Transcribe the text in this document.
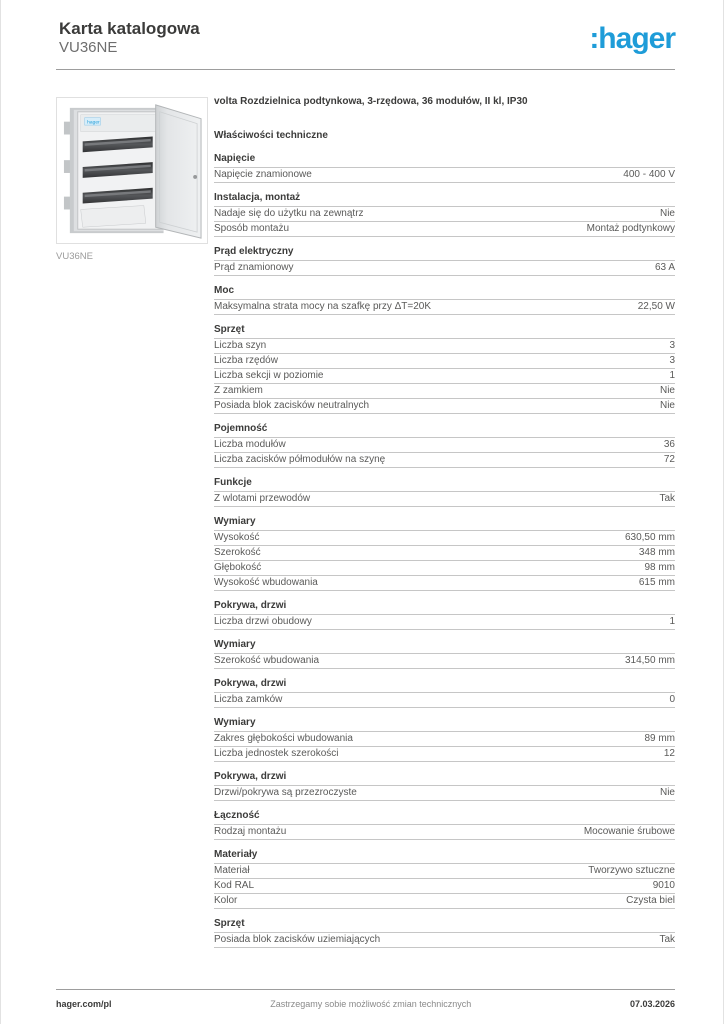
Karta katalogowa
VU36NE	:hager
hager
VU36NE

volta Rozdzielnica podtynkowa, 3-rzędowa, 36 modułów, II kl, IP30

Właściwości techniczne

Napięcie
Napięcie znamionowe	400 - 400 V
Instalacja, montaż
Nadaje się do użytku na zewnątrz	Nie
Sposób montażu	Montaż podtynkowy
Prąd elektryczny
Prąd znamionowy	63 A
Moc
Maksymalna strata mocy na szafkę przy ΔT=20K	22,50 W
Sprzęt
Liczba szyn	3
Liczba rzędów	3
Liczba sekcji w poziomie	1
Z zamkiem	Nie
Posiada blok zacisków neutralnych	Nie
Pojemność
Liczba modułów	36
Liczba zacisków półmodułów na szynę	72
Funkcje
Z wlotami przewodów	Tak
Wymiary
Wysokość	630,50 mm
Szerokość	348 mm
Głębokość	98 mm
Wysokość wbudowania	615 mm
Pokrywa, drzwi
Liczba drzwi obudowy	1
Wymiary
Szerokość wbudowania	314,50 mm
Pokrywa, drzwi
Liczba zamków	0
Wymiary
Zakres głębokości wbudowania	89 mm
Liczba jednostek szerokości	12
Pokrywa, drzwi
Drzwi/pokrywa są przezroczyste	Nie
Łączność
Rodzaj montażu	Mocowanie śrubowe
Materiały
Materiał	Tworzywo sztuczne
Kod RAL	9010
Kolor	Czysta biel
Sprzęt
Posiada blok zacisków uziemiających	Tak
hager.com/pl	Zastrzegamy sobie możliwość zmian technicznych	07.03.2026
